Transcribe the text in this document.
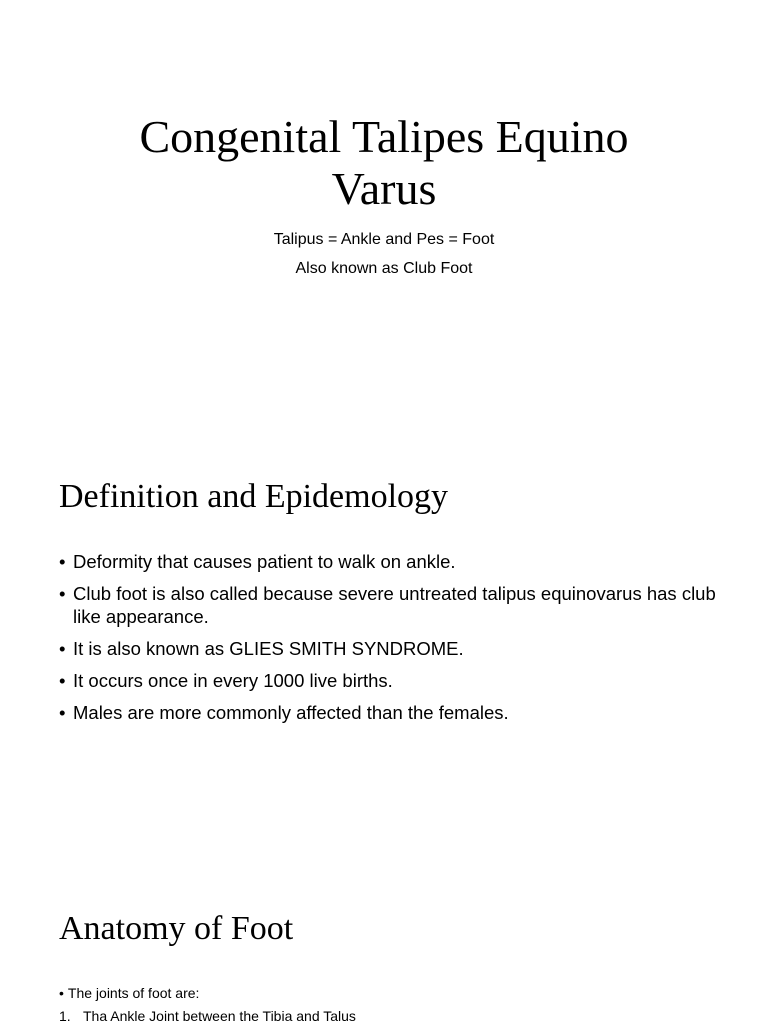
Congenital Talipes Equino Varus
Talipus = Ankle and Pes = Foot
Also known as Club Foot
Definition and Epidemology
• Deformity that causes patient to walk on ankle.
• Club foot is also called because severe untreated talipus equinovarus has club like appearance.
• It is also known as GLIES SMITH SYNDROME.
• It occurs once in every 1000 live births.
• Males are more commonly affected than the females.
Anatomy of Foot
• The joints of foot are:
1. Tha Ankle Joint between the Tibia and Talus
